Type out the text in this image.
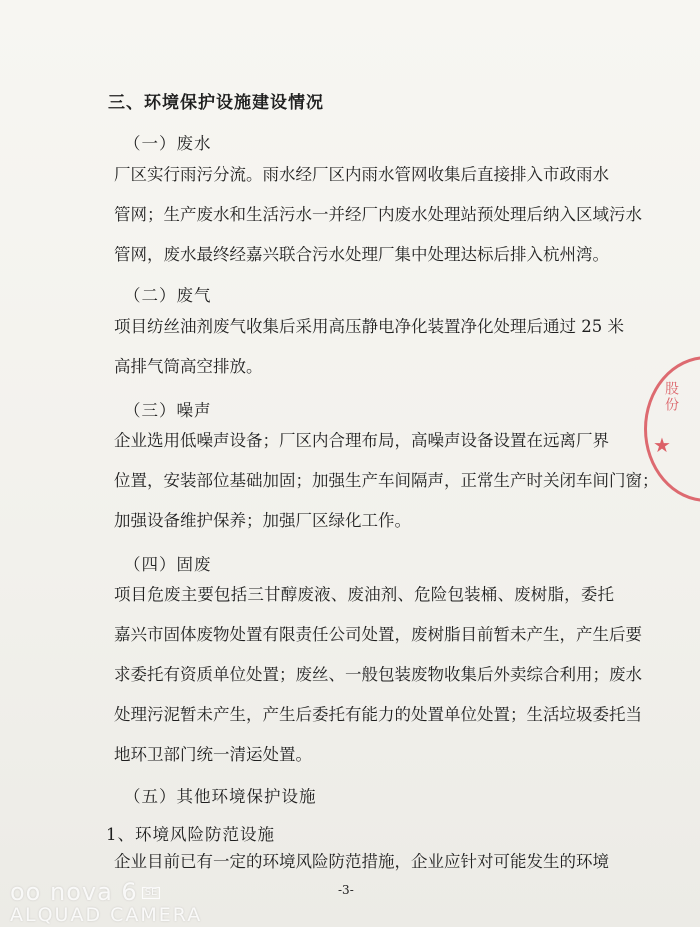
三、环境保护设施建设情况
（一）废水
厂区实行雨污分流。雨水经厂区内雨水管网收集后直接排入市政雨水
管网；生产废水和生活污水一并经厂内废水处理站预处理后纳入区域污水
管网，废水最终经嘉兴联合污水处理厂集中处理达标后排入杭州湾。
（二）废气
项目纺丝油剂废气收集后采用高压静电净化装置净化处理后通过 25 米
高排气筒高空排放。
（三）噪声
企业选用低噪声设备；厂区内合理布局，高噪声设备设置在远离厂界
位置，安装部位基础加固；加强生产车间隔声，正常生产时关闭车间门窗；
加强设备维护保养；加强厂区绿化工作。
（四）固废
项目危废主要包括三甘醇废液、废油剂、危险包装桶、废树脂，委托
嘉兴市固体废物处置有限责任公司处置，废树脂目前暂未产生，产生后要
求委托有资质单位处置；废丝、一般包装废物收集后外卖综合利用；废水
处理污泥暂未产生，产生后委托有能力的处置单位处置；生活垃圾委托当
地环卫部门统一清运处置。
（五）其他环境保护设施
1、环境风险防范设施
企业目前已有一定的环境风险防范措施，企业应针对可能发生的环境
-3-
股份
★
oo nova 6 SE
ALQUAD CAMERA
